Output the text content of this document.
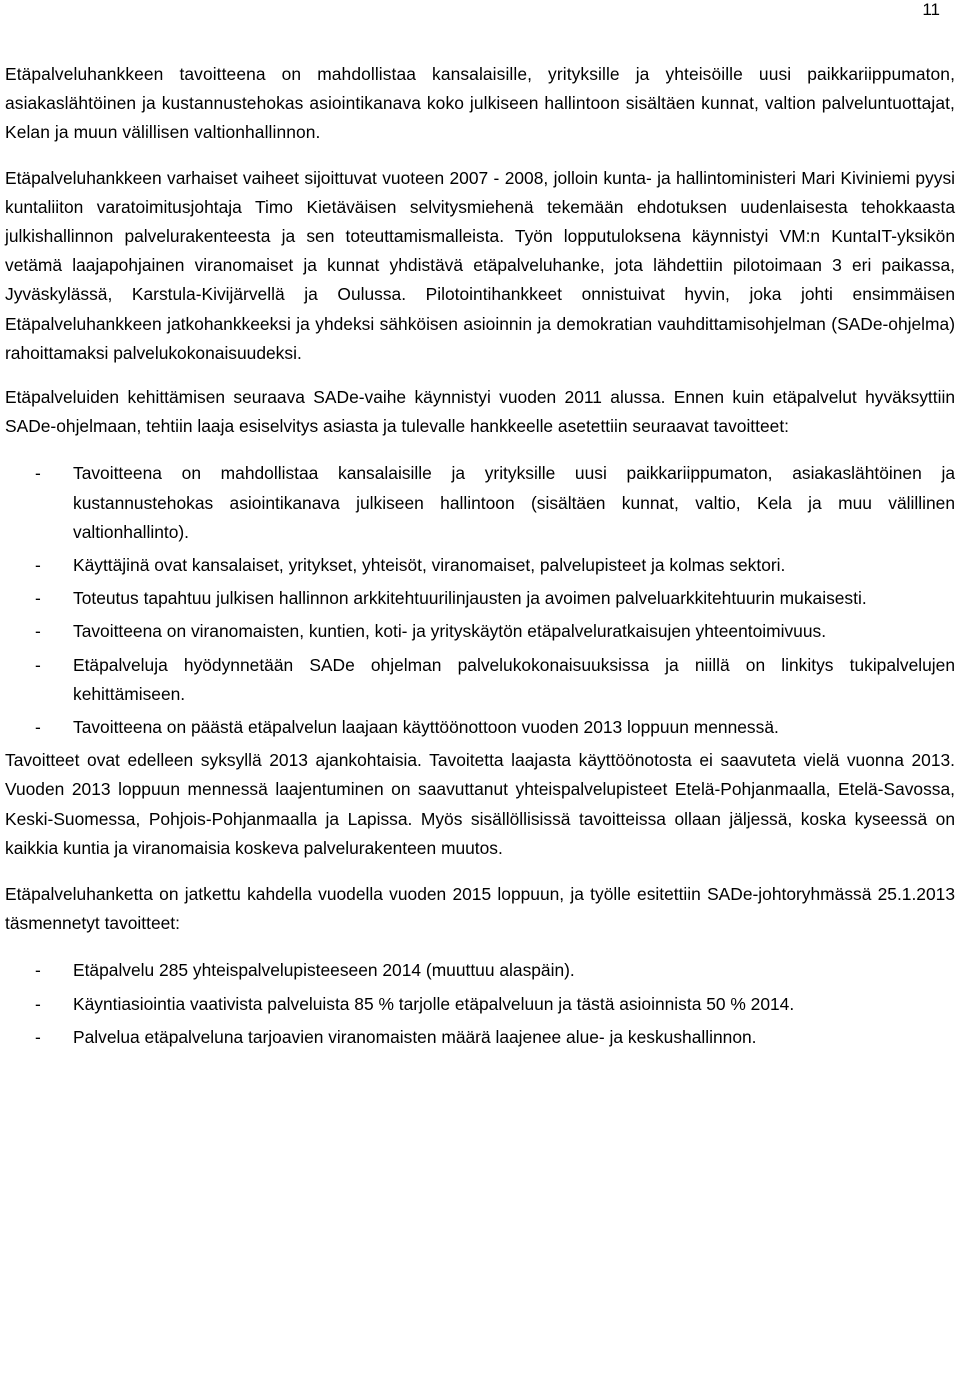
11

Etäpalveluhankkeen tavoitteena on mahdollistaa kansalaisille, yrityksille ja yhteisöille uusi paikkariippumaton, asiakaslähtöinen ja kustannustehokas asiointikanava koko julkiseen hallintoon sisältäen kunnat, valtion palveluntuottajat, Kelan ja muun välillisen valtionhallinnon.

Etäpalveluhankkeen varhaiset vaiheet sijoittuvat vuoteen 2007 - 2008, jolloin kunta- ja hallintoministeri Mari Kiviniemi pyysi kuntaliiton varatoimitusjohtaja Timo Kietäväisen selvitysmiehenä tekemään ehdotuksen uudenlaisesta tehokkaasta julkishallinnon palvelurakenteesta ja sen toteuttamismalleista. Työn lopputuloksena käynnistyi VM:n KuntaIT-yksikön vetämä laajapohjainen viranomaiset ja kunnat yhdistävä etäpalveluhanke, jota lähdettiin pilotoimaan 3 eri paikassa, Jyväskylässä, Karstula-Kivijärvellä ja Oulussa. Pilotointihankkeet onnistuivat hyvin, joka johti ensimmäisen Etäpalveluhankkeen jatkohankkeeksi ja yhdeksi sähköisen asioinnin ja demokratian vauhdittamisohjelman (SADe-ohjelma) rahoittamaksi palvelukokonaisuudeksi.

Etäpalveluiden kehittämisen seuraava SADe-vaihe käynnistyi vuoden 2011 alussa. Ennen kuin etäpalvelut hyväksyttiin SADe-ohjelmaan, tehtiin laaja esiselvitys asiasta ja tulevalle hankkeelle asetettiin seuraavat tavoitteet:

- Tavoitteena on mahdollistaa kansalaisille ja yrityksille uusi paikkariippumaton, asiakaslähtöinen ja kustannustehokas asiointikanava julkiseen hallintoon (sisältäen kunnat, valtio, Kela ja muu välillinen valtionhallinto).
- Käyttäjinä ovat kansalaiset, yritykset, yhteisöt, viranomaiset, palvelupisteet ja kolmas sektori.
- Toteutus tapahtuu julkisen hallinnon arkkitehtuurilinjausten ja avoimen palveluarkkitehtuurin mukaisesti.
- Tavoitteena on viranomaisten, kuntien, koti- ja yrityskäytön etäpalveluratkaisujen yhteentoimivuus.
- Etäpalveluja hyödynnetään SADe ohjelman palvelukokonaisuuksissa ja niillä on linkitys tukipalvelujen kehittämiseen.
- Tavoitteena on päästä etäpalvelun laajaan käyttöönottoon vuoden 2013 loppuun mennessä.

Tavoitteet ovat edelleen syksyllä 2013 ajankohtaisia. Tavoitetta laajasta käyttöönotosta ei saavuteta vielä vuonna 2013. Vuoden 2013 loppuun mennessä laajentuminen on saavuttanut yhteispalvelupisteet Etelä-Pohjanmaalla, Etelä-Savossa, Keski-Suomessa, Pohjois-Pohjanmaalla ja Lapissa. Myös sisällöllisissä tavoitteissa ollaan jäljessä, koska kyseessä on kaikkia kuntia ja viranomaisia koskeva palvelurakenteen muutos.

Etäpalveluhanketta on jatkettu kahdella vuodella vuoden 2015 loppuun, ja työlle esitettiin SADe-johtoryhmässä 25.1.2013 täsmennetyt tavoitteet:

- Etäpalvelu 285 yhteispalvelupisteeseen 2014 (muuttuu alaspäin).
- Käyntiasiointia vaativista palveluista 85 % tarjolle etäpalveluun ja tästä asioinnista 50 % 2014.
- Palvelua etäpalveluna tarjoavien viranomaisten määrä laajenee alue- ja keskushallinnon.
